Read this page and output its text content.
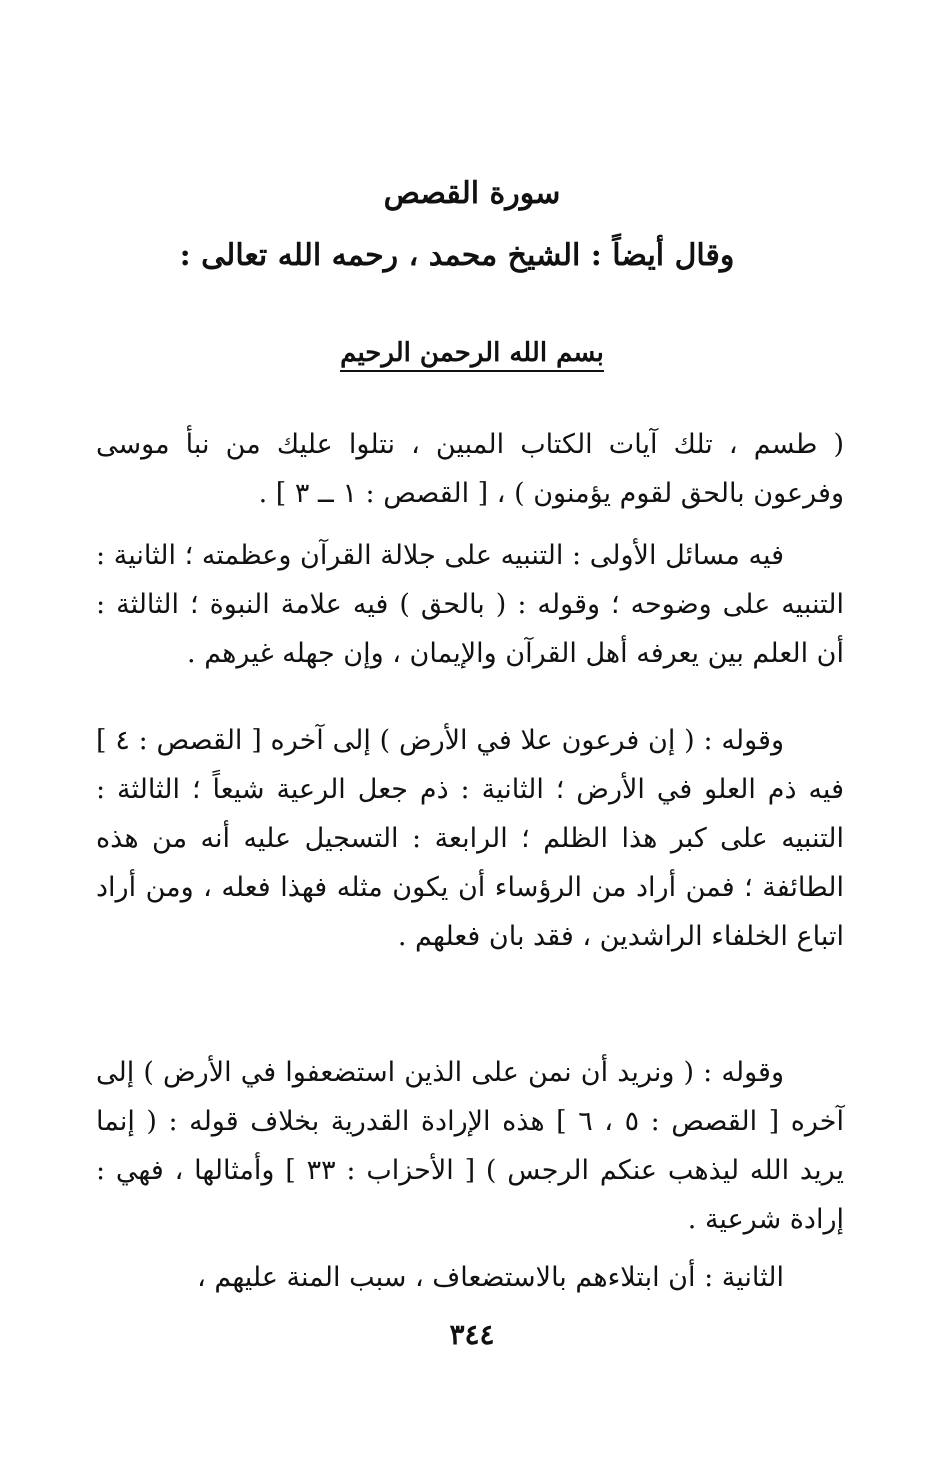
سورة القصص
وقال أيضاً : الشيخ محمد ، رحمه الله تعالى :
بسم الله الرحمن الرحيم
( طسم ، تلك آيات الكتاب المبين ، نتلوا عليك من نبأ موسى وفرعون بالحق لقوم يؤمنون ) ، [ القصص : ١ ــ ٣ ] .
فيه مسائل الأولى : التنبيه على جلالة القرآن وعظمته ؛ الثانية : التنبيه على وضوحه ؛ وقوله : ( بالحق ) فيه علامة النبوة ؛ الثالثة : أن العلم بين يعرفه أهل القرآن والإيمان ، وإن جهله غيرهم .
وقوله : ( إن فرعون علا في الأرض ) إلى آخره [ القصص : ٤ ] فيه ذم العلو في الأرض ؛ الثانية : ذم جعل الرعية شيعاً ؛ الثالثة : التنبيه على كبر هذا الظلم ؛ الرابعة : التسجيل عليه أنه من هذه الطائفة ؛ فمن أراد من الرؤساء أن يكون مثله فهذا فعله ، ومن أراد اتباع الخلفاء الراشدين ، فقد بان فعلهم .
وقوله : ( ونريد أن نمن على الذين استضعفوا في الأرض ) إلى آخره [ القصص : ٥ ، ٦ ] هذه الإرادة القدرية بخلاف قوله : ( إنما يريد الله ليذهب عنكم الرجس ) [ الأحزاب : ٣٣ ] وأمثالها ، فهي : إرادة شرعية .
الثانية : أن ابتلاءهم بالاستضعاف ، سبب المنة عليهم ،
٣٤٤
